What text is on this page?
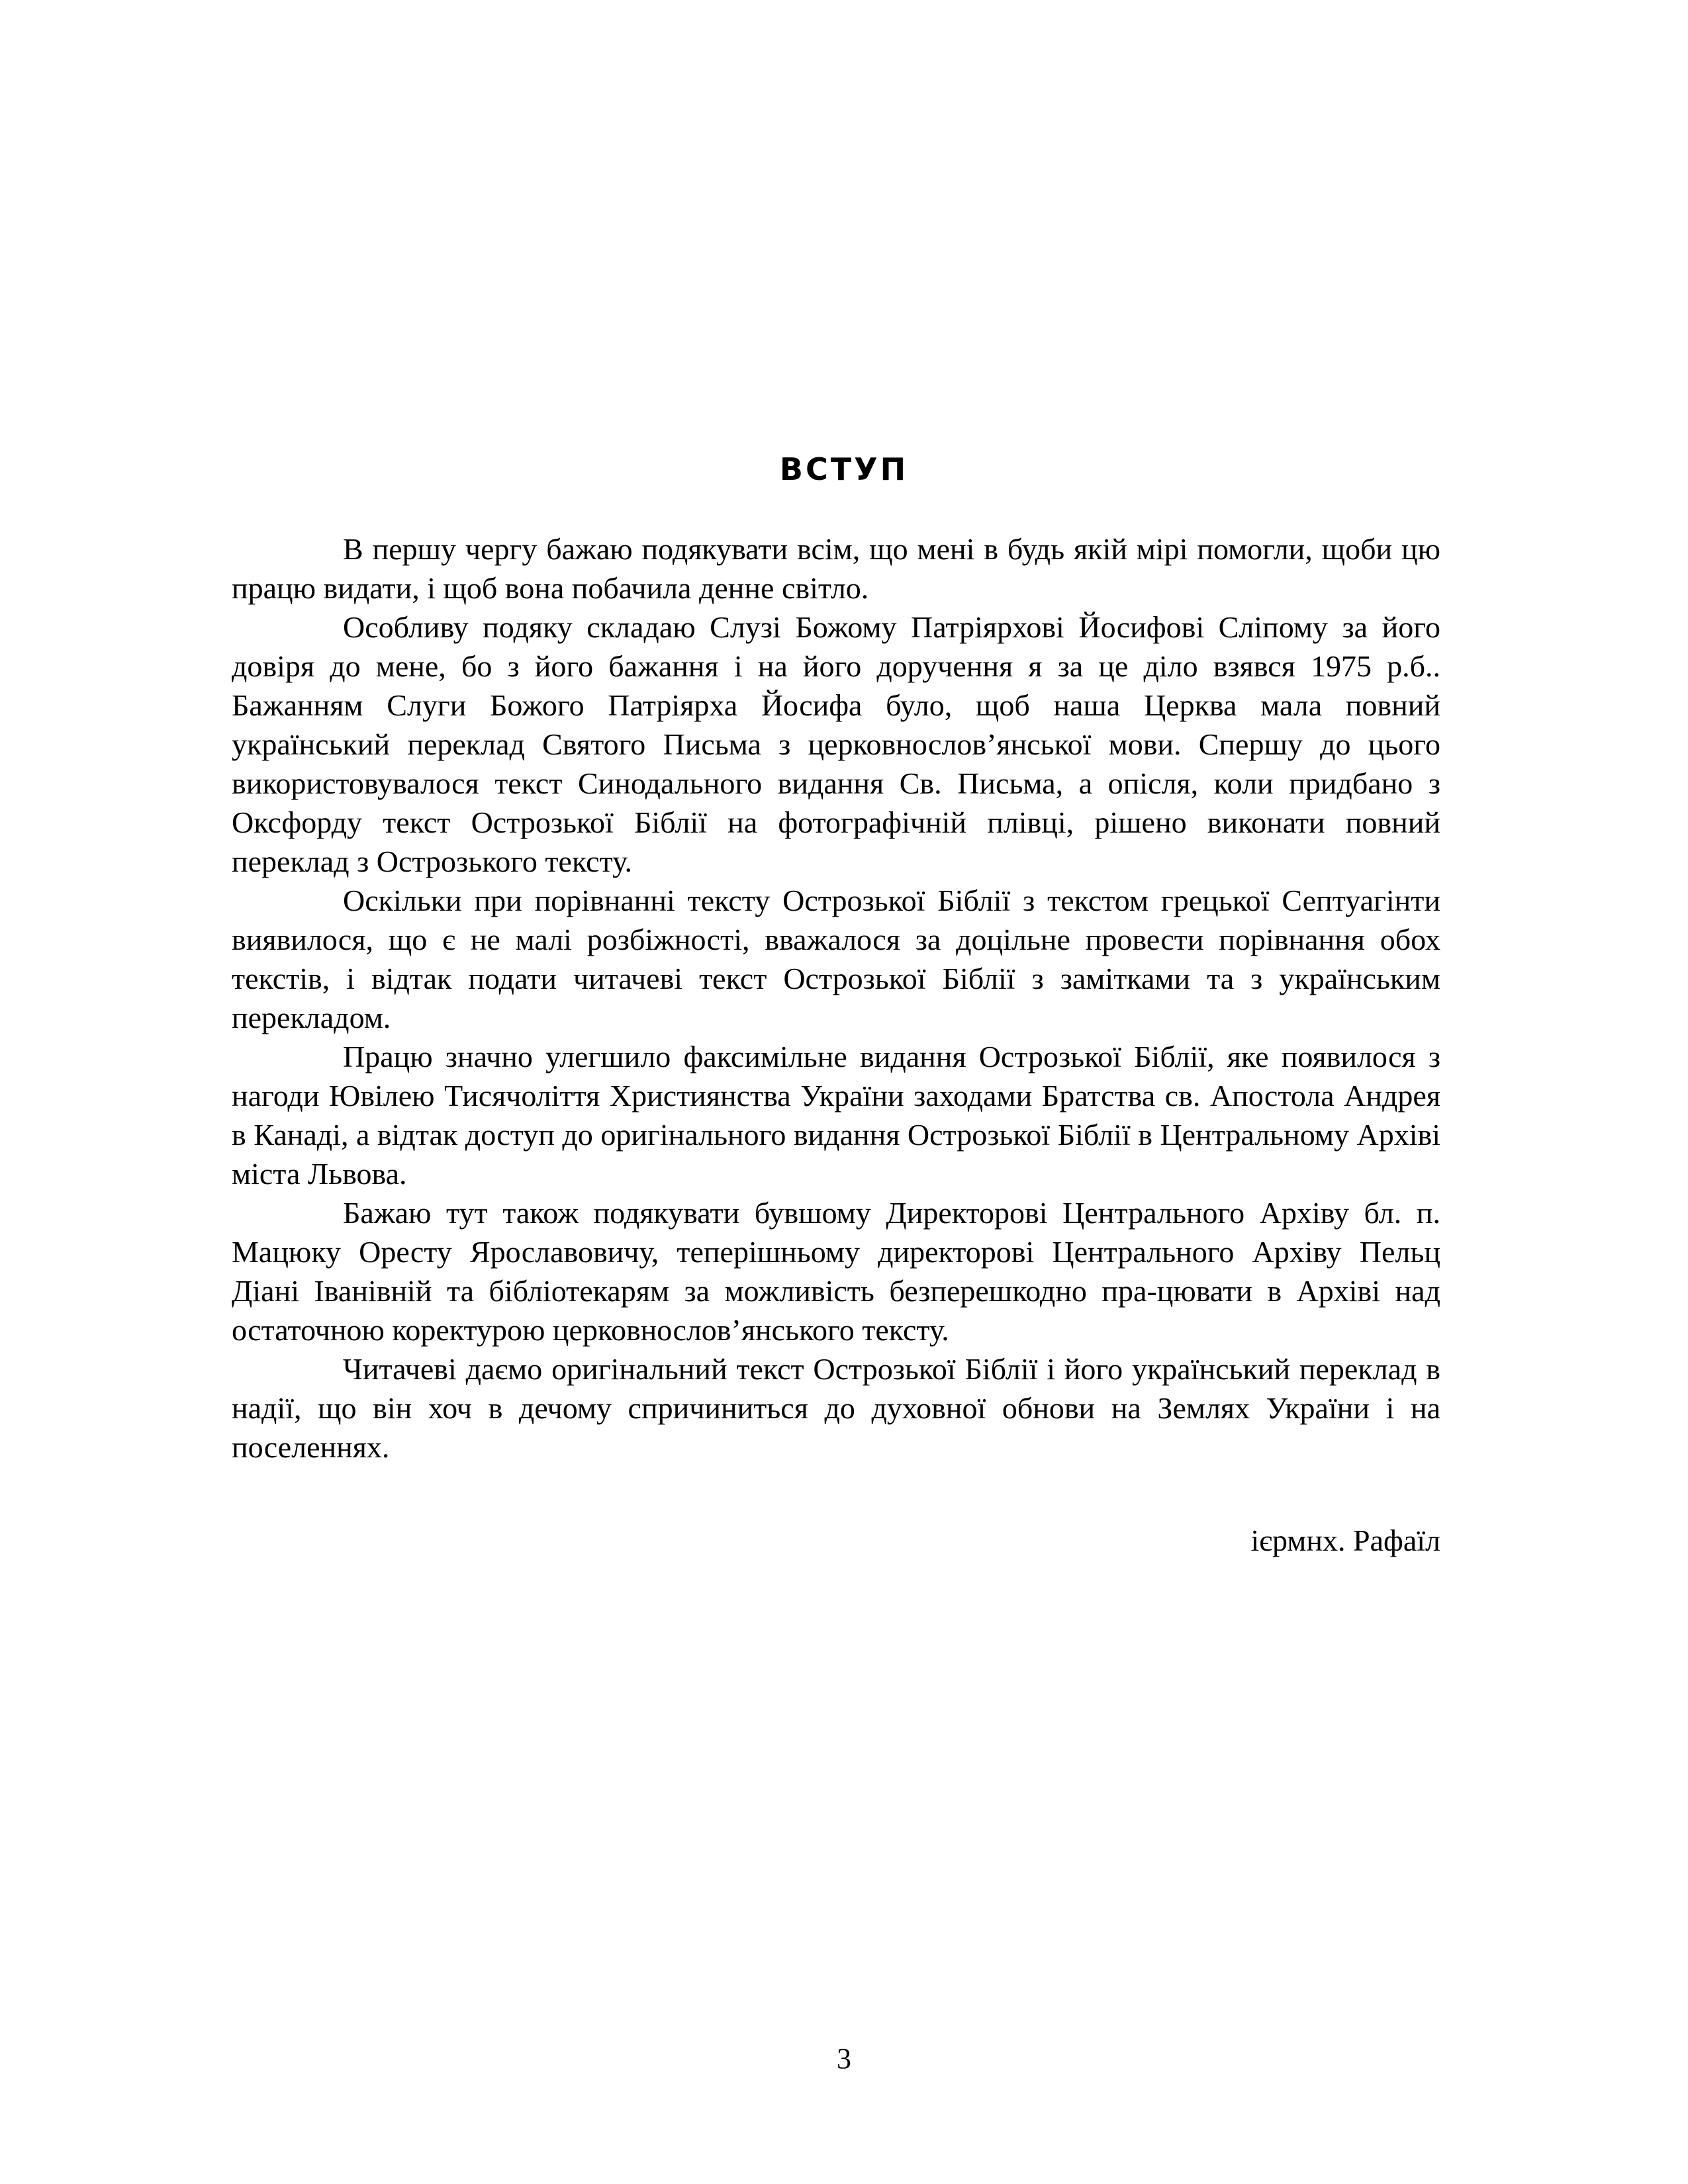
ВСТУП

В першу чергу бажаю подякувати всім, що мені в будь якій мірі помогли, щоби цю працю видати, і щоб вона побачила денне світло.

Особливу подяку складаю Слузі Божому Патріярхові Йосифові Сліпому за його довіря до мене, бо з його бажання і на його доручення я за це діло взявся 1975 р.б.. Бажанням Слуги Божого Патріярха Йосифа було, щоб наша Церква мала повний український переклад Святого Письма з церковнослов’янської мови. Спершу до цього використовувалося текст Синодального видання Св. Письма, а опісля, коли придбано з Оксфорду текст Острозької Біблії на фотографічній плівці, рішено виконати повний переклад з Острозького тексту.

Оскільки при порівнанні тексту Острозької Біблії з текстом грецької Септуагінти виявилося, що є не малі розбіжності, вважалося за доцільне провести порівнання обох текстів, і відтак подати читачеві текст Острозької Біблії з замітками та з українським перекладом.

Працю значно улегшило факсимільне видання Острозької Біблії, яке появилося з нагоди Ювілею Тисячоліття Християнства України заходами Братства св. Апостола Андрея в Канаді, а відтак доступ до оригінального видання Острозької Біблії в Центральному Архіві міста Львова.

Бажаю тут також подякувати бувшому Директорові Центрального Архіву бл. п. Мацюку Оресту Ярославовичу, теперішньому директорові Центрального Архіву Пельц Діані Іванівній та бібліотекарям за можливість безперешкодно пра-цювати в Архіві над остаточною коректурою церковнослов’янського тексту.

Читачеві даємо оригінальний текст Острозької Біблії і його український переклад в надії, що він хоч в дечому спричиниться до духовної обнови на Землях України і на поселеннях.

ієрмнх. Рафаїл

3
